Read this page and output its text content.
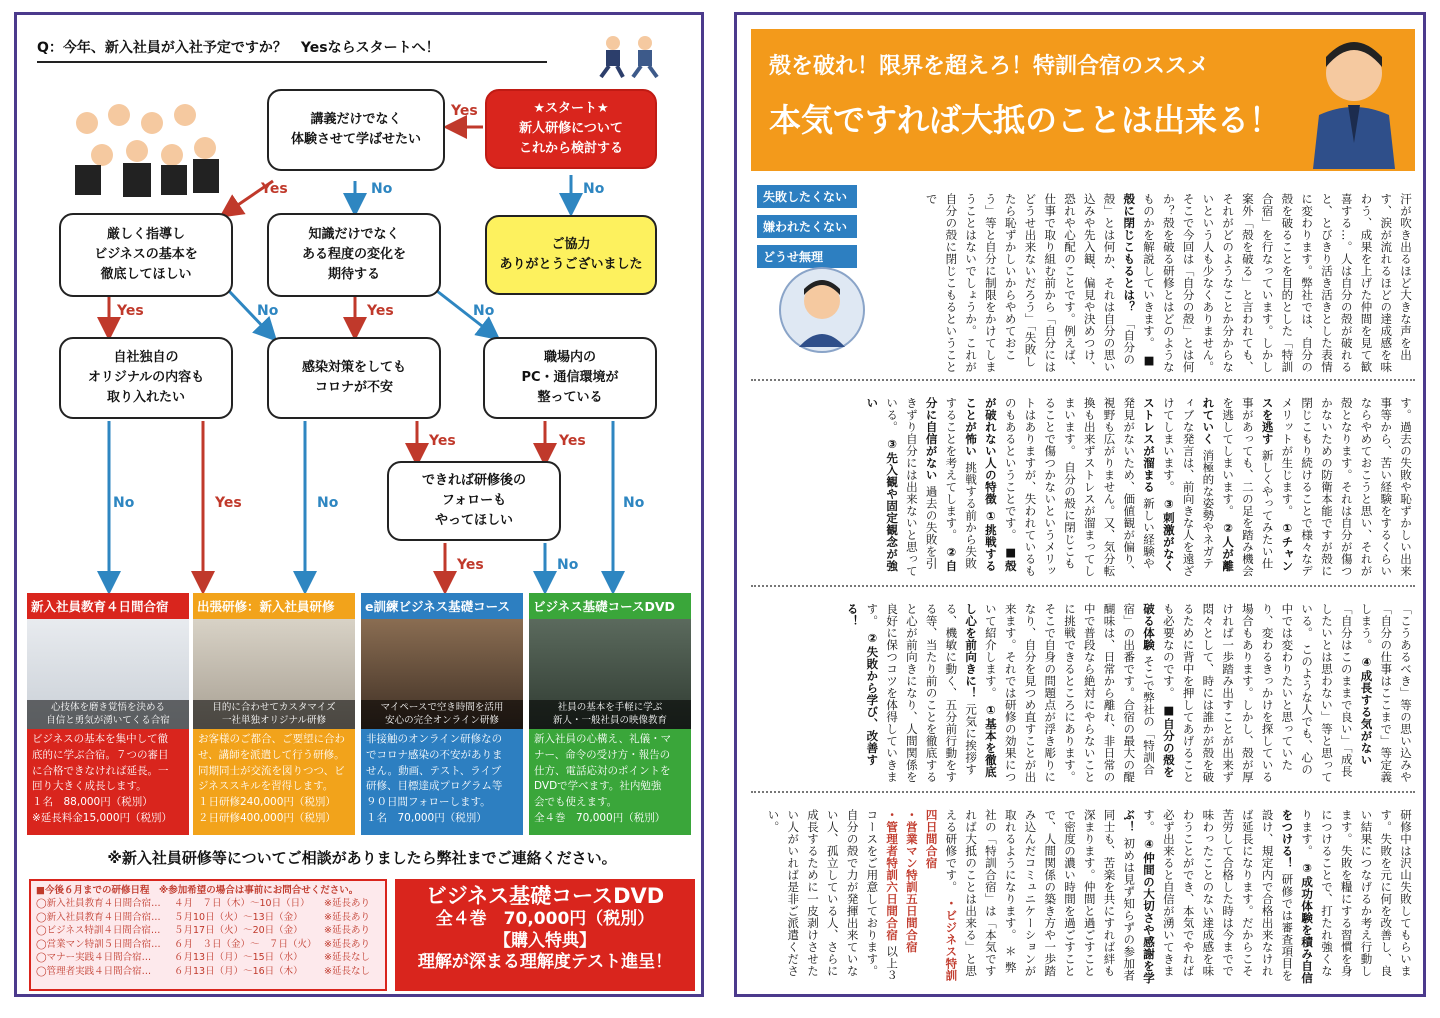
Q：今年、新入社員が入社予定ですか？　Yesならスタートへ！
★スタート★
新人研修について
これから検討する
講義だけでなく
体験させて学ばせたい
ご協力
ありがとうございました
厳しく指導し
ビジネスの基本を
徹底してほしい
知識だけでなく
ある程度の変化を
期待する
自社独自の
オリジナルの内容も
取り入れたい
感染対策をしても
コロナが不安
職場内の
PC・通信環境が
整っている
できれば研修後の
フォローも
やってほしい
Yes
No
Yes	No
Yes	No	Yes	No
Yes	Yes
No	Yes	No	No
Yes	No
新入社員教育４日間合宿
心技体を磨き覚悟を決める
自信と勇気が湧いてくる合宿
ビジネスの基本を集中して徹
底的に学ぶ合宿。７つの審目
に合格できなければ延長。一
回り大きく成長します。
１名　88,000円（税別）
※延長料金15,000円（税別）
出張研修：新入社員研修
目的に合わせてカスタマイズ
一社単独オリジナル研修
お客様のご都合、ご要望に合わ
せ、講師を派遣して行う研修。
同期同士が交流を図りつつ、ビ
ジネススキルを習得します。
１日研修240,000円（税別）
２日研修400,000円（税別）
e訓練ビジネス基礎コース
マイペースで空き時間を活用
安心の完全オンライン研修
非接触のオンライン研修なの
でコロナ感染の不安がありま
せん。動画、テスト、ライブ
研修、目標達成プログラム等
９０日間フォローします。
１名　70,000円（税別）
ビジネス基礎コースDVD
社員の基本を手軽に学ぶ
新人・一般社員の映像教育
新入社員の心構え、礼儀・マ
ナー、命令の受け方・報告の
仕方、電話応対のポイントを
DVDで学べます。社内勉強
会でも使えます。
全４巻　70,000円（税別）
※新入社員研修等についてご相談がありましたら弊社までご連絡ください。
■今後６月までの研修日程　※参加希望の場合は事前にお問合せください。
◯新入社員教育４日間合宿…	４月　７日（木）〜10日（日）	※延長あり
◯新入社員教育４日間合宿…	５月10日（火）〜13日（金）	※延長あり
◯ビジネス特訓４日間合宿…	５月17日（火）〜20日（金）	※延長あり
◯営業マン特訓５日間合宿…	６月　３日（金）〜　７日（火） ※延長あり
◯マナー実践４日間合宿…	６月13日（月）〜15日（水）	※延長なし
◯管理者実践４日間合宿…	６月13日（月）〜16日（木）	※延長なし
ビジネス基礎コースDVD
全４巻　70,000円（税別）
【購入特典】
理解が深まる理解度テスト進呈！
殻を破れ！限界を超えろ！特訓合宿のススメ
本気ですれば大抵のことは出来る！
失敗したくない
嫌われたくない
どうせ無理	汗が吹き出るほど大きな声を出す、涙が流れるほどの達成感を味わう、成果を上げた仲間を見て歓喜する…。人は自分の殻が破れると、とびきり活き活きとした表情に変わります。弊社では、自分の殻を破ることを目的とした「特訓合宿」を行なっています。しかし案外「殻を破る」と言われても、それがどのようなことか分からないという人も少なくありません。そこで今回は「自分の殻」とは何か？殻を破る研修とはどのようなものかを解説していきます。 ■殻に閉じこもるとは？ 「自分の殻」とは何か、それは自分の思い込みや先入観、偏見や決めつけ、恐れや心配のことです。例えば、仕事で取り組む前から「自分にはどうせ出来ないだろう」「失敗したら恥ずかしいからやめておこう」等と自分に制限をかけてしまうことはないでしょうか。これが自分の殻に閉じこもるということで
す。過去の失敗や恥ずかしい出来事等から、苦い経験をするくらいならやめておこうと思い、それが殻となります。それは自分が傷つかないための防衛本能ですが殻に閉じこもり続けることで様々なデメリットが生じます。 ①チャンスを逃す 新しくやってみたい仕事があっても、二の足を踏み機会を逃してしまいます。 ②人が離れていく 消極的な姿勢やネガティブな発言は、前向きな人を遠ざけてしまいます。 ③刺激がなくストレスが溜まる 新しい経験や発見がないため、価値観が偏り、視野も広がりません。又、気分転換も出来ずストレスが溜まってしまいます。 自分の殻に閉じこもることで傷つかないというメリットはありますが、失われているものもあるということです。 ■殻が破れない人の特徴 ①挑戦することが怖い 挑戦する前から失敗することを考えてします。 ②自分に自信がない 過去の失敗を引きずり自分には出来ないと思っている。 ③先入観や固定観念が強い
「こうあるべき」等の思い込みや「自分の仕事はここまで」等定義しまう。 ④成長する気がない 「自分はこのままで良い」「成長したいとは思わない」等と思っている。 このような人でも、心の中では変わりたいと思っていたり、変わるきっかけを探している場合もあります。しかし、殻が厚ければ一歩踏み出すことが出来ず悶々として、時には誰かが殻を破るために背中を押してあげることも必要なのです。 ■自分の殻を破る体験 そこで弊社の「特訓合宿」の出番です。合宿の最大の醍醐味は、日常から離れ、非日常の中で普段なら絶対にやらないことに挑戦できるところにあります。そこで自身の問題点が浮き彫りになり、自分を見つめ直すことが出来ます。それでは研修の効果について紹介します。 ①基本を徹底し心を前向きに！ 元気に挨拶する、機敏に動く、五分前行動をする等、当たり前のことを徹底すると心が前向きになり、人間関係を良好に保つコツを体得していきます。 ②失敗から学び、改善する！
研修中は沢山失敗してもらいます。失敗を元に何を改善し、良い結果につなげるか考え行動します。失敗を糧にする習慣を身につけることで、打たれ強くなります。 ③成功体験を積み自信をつける！ 研修では審査項目を設け、規定内で合格出来なければ延長になります。だからこそ苦労して合格した時は今までで味わったことのない達成感を味わうことができ、本気でやれば必ず出来ると自信が湧いてきます。 ④仲間の大切さや感謝を学ぶ！ 初めは見ず知らずの参加者同士も、苦楽を共にすれば絆も深まります。仲間と過ごすことで密度の濃い時間を過ごすことで、人間関係の築き方や一歩踏み込んだコミュニケーションが取れるようになります。 ＊ 弊社の「特訓合宿」は「本気ですれば大抵のことは出来る」と思える研修です。 ・ビジネス特訓四日間合宿
・営業マン特訓五日間合宿
・管理者特訓六日間合宿 以上３コースをご用意しております。自分の殻で力が発揮出来ていない人、孤立している人、さらに成長するために一皮剥けさせたい人がいれば是非ご派遣ください。
